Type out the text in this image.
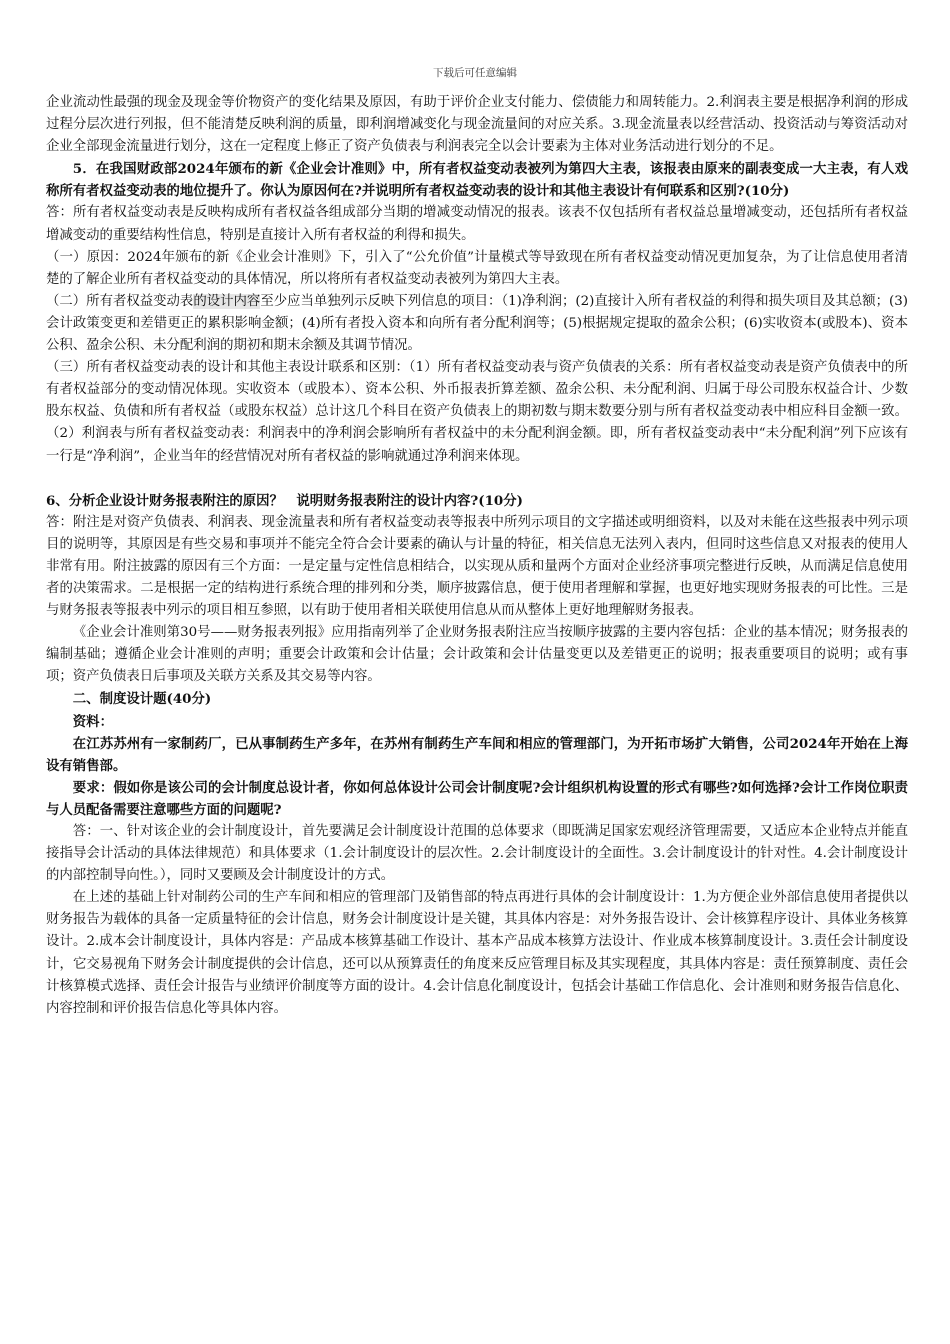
下载后可任意编辑

企业流动性最强的现金及现金等价物资产的变化结果及原因，有助于评价企业支付能力、偿债能力和周转能力。2.利润表主要是根据净利润的形成过程分层次进行列报，但不能清楚反映利润的质量，即利润增减变化与现金流量间的对应关系。3.现金流量表以经营活动、投资活动与筹资活动对企业全部现金流量进行划分，这在一定程度上修正了资产负债表与利润表完全以会计要素为主体对业务活动进行划分的不足。

5．在我国财政部2024年颁布的新《企业会计准则》中，所有者权益变动表被列为第四大主表，该报表由原来的副表变成一大主表，有人戏称所有者权益变动表的地位提升了。你认为原因何在?并说明所有者权益变动表的设计和其他主表设计有何联系和区别?(10分)

答：所有者权益变动表是反映构成所有者权益各组成部分当期的增减变动情况的报表。该表不仅包括所有者权益总量增减变动，还包括所有者权益增减变动的重要结构性信息，特别是直接计入所有者权益的利得和损失。

（一）原因：2024年颁布的新《企业会计准则》下，引入了“公允价值”计量模式等导致现在所有者权益变动情况更加复杂，为了让信息使用者清楚的了解企业所有者权益变动的具体情况，所以将所有者权益变动表被列为第四大主表。

（二）所有者权益变动表的设计内容至少应当单独列示反映下列信息的项目：（1)净利润；(2)直接计入所有者权益的利得和损失项目及其总额；(3)会计政策变更和差错更正的累积影响金额；(4)所有者投入资本和向所有者分配利润等；(5)根据规定提取的盈余公积；(6)实收资本(或股本)、资本公积、盈余公积、未分配利润的期初和期末余额及其调节情况。

（三）所有者权益变动表的设计和其他主表设计联系和区别：（1）所有者权益变动表与资产负债表的关系：所有者权益变动表是资产负债表中的所有者权益部分的变动情况体现。实收资本（或股本）、资本公积、外币报表折算差额、盈余公积、未分配利润、归属于母公司股东权益合计、少数股东权益、负债和所有者权益（或股东权益）总计这几个科目在资产负债表上的期初数与期末数要分别与所有者权益变动表中相应科目金额一致。（2）利润表与所有者权益变动表：利润表中的净利润会影响所有者权益中的未分配利润金额。即，所有者权益变动表中“未分配利润”列下应该有一行是“净利润”，企业当年的经营情况对所有者权益的影响就通过净利润来体现。

6、分析企业设计财务报表附注的原因？　说明财务报表附注的设计内容?(10分)

答：附注是对资产负债表、利润表、现金流量表和所有者权益变动表等报表中所列示项目的文字描述或明细资料，以及对未能在这些报表中列示项目的说明等，其原因是有些交易和事项并不能完全符合会计要素的确认与计量的特征，相关信息无法列入表内，但同时这些信息又对报表的使用人非常有用。附注披露的原因有三个方面：一是定量与定性信息相结合，以实现从质和量两个方面对企业经济事项完整进行反映，从而满足信息使用者的决策需求。二是根据一定的结构进行系统合理的排列和分类，顺序披露信息，便于使用者理解和掌握，也更好地实现财务报表的可比性。三是与财务报表等报表中列示的项目相互参照，以有助于使用者相关联使用信息从而从整体上更好地理解财务报表。

《企业会计准则第30号——财务报表列报》应用指南列举了企业财务报表附注应当按顺序披露的主要内容包括：企业的基本情况；财务报表的编制基础；遵循企业会计准则的声明；重要会计政策和会计估量；会计政策和会计估量变更以及差错更正的说明；报表重要项目的说明；或有事项；资产负债表日后事项及关联方关系及其交易等内容。

二、制度设计题(40分)

资料：

在江苏苏州有一家制药厂，已从事制药生产多年，在苏州有制药生产车间和相应的管理部门，为开拓市场扩大销售，公司2024年开始在上海设有销售部。

要求：假如你是该公司的会计制度总设计者，你如何总体设计公司会计制度呢?会计组织机构设置的形式有哪些?如何选择?会计工作岗位职责与人员配备需要注意哪些方面的问题呢?

答：一、针对该企业的会计制度设计，首先要满足会计制度设计范围的总体要求（即既满足国家宏观经济管理需要，又适应本企业特点并能直接指导会计活动的具体法律规范）和具体要求（1.会计制度设计的层次性。2.会计制度设计的全面性。3.会计制度设计的针对性。4.会计制度设计的内部控制导向性。），同时又要顾及会计制度设计的方式。

在上述的基础上针对制药公司的生产车间和相应的管理部门及销售部的特点再进行具体的会计制度设计：1.为方便企业外部信息使用者提供以财务报告为载体的具备一定质量特征的会计信息，财务会计制度设计是关键，其具体内容是：对外务报告设计、会计核算程序设计、具体业务核算设计。2.成本会计制度设计，具体内容是：产品成本核算基础工作设计、基本产品成本核算方法设计、作业成本核算制度设计。3.责任会计制度设计，它交易视角下财务会计制度提供的会计信息，还可以从预算责任的角度来反应管理目标及其实现程度，其具体内容是：责任预算制度、责任会计核算模式选择、责任会计报告与业绩评价制度等方面的设计。4.会计信息化制度设计，包括会计基础工作信息化、会计准则和财务报告信息化、内容控制和评价报告信息化等具体内容。
